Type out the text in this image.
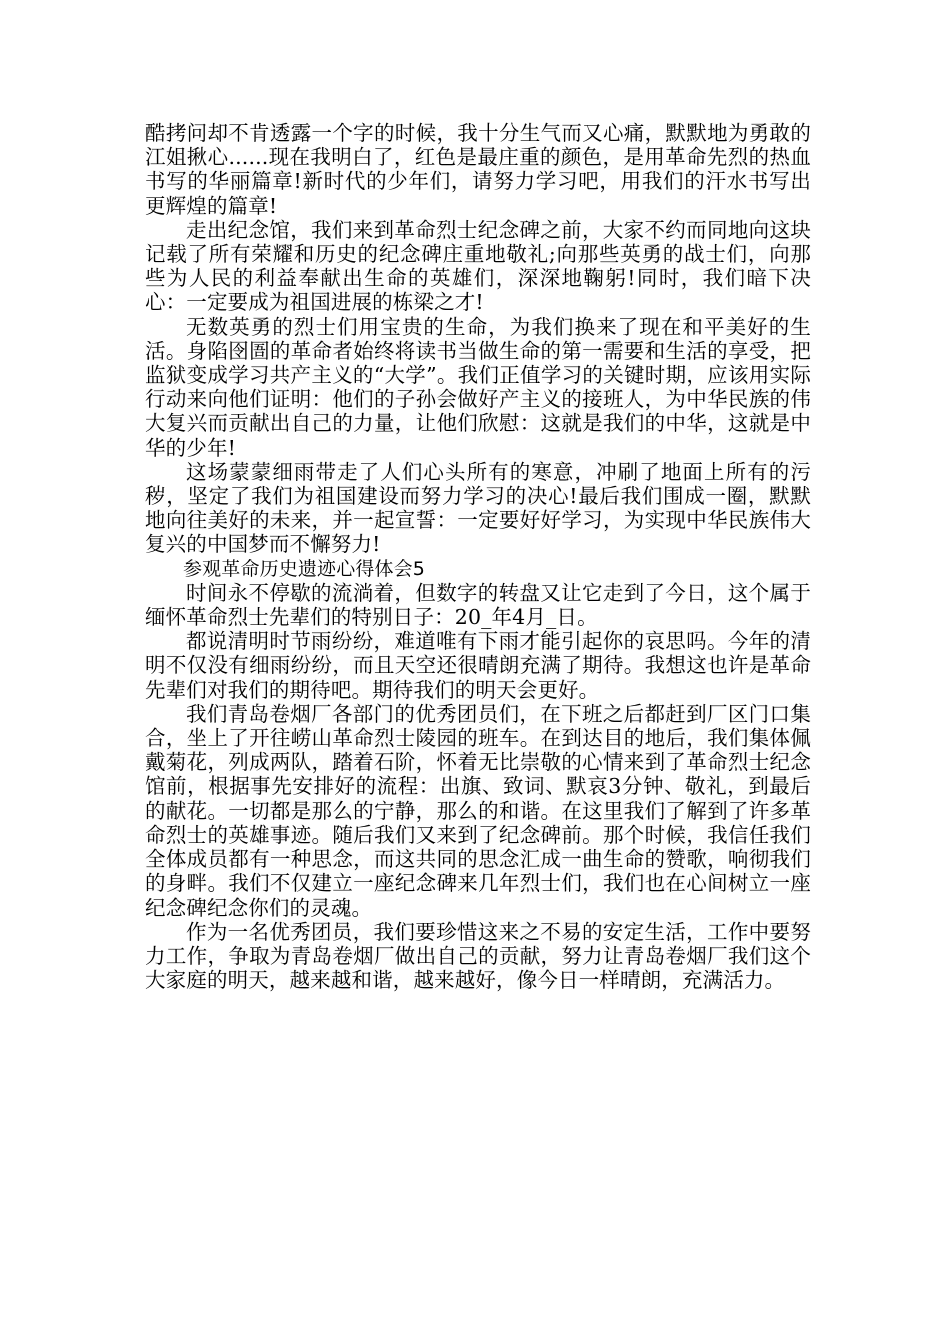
酷拷问却不肯透露一个字的时候，我十分生气而又心痛，默默地为勇敢的江姐揪心......现在我明白了，红色是最庄重的颜色，是用革命先烈的热血书写的华丽篇章!新时代的少年们，请努力学习吧，用我们的汗水书写出更辉煌的篇章!

走出纪念馆，我们来到革命烈士纪念碑之前，大家不约而同地向这块记载了所有荣耀和历史的纪念碑庄重地敬礼;向那些英勇的战士们，向那些为人民的利益奉献出生命的英雄们，深深地鞠躬!同时，我们暗下决心：一定要成为祖国进展的栋梁之才!

无数英勇的烈士们用宝贵的生命，为我们换来了现在和平美好的生活。身陷囹圄的革命者始终将读书当做生命的第一需要和生活的享受，把监狱变成学习共产主义的“大学”。我们正值学习的关键时期，应该用实际行动来向他们证明：他们的子孙会做好产主义的接班人，为中华民族的伟大复兴而贡献出自己的力量，让他们欣慰：这就是我们的中华，这就是中华的少年!

这场蒙蒙细雨带走了人们心头所有的寒意，冲刷了地面上所有的污秽，坚定了我们为祖国建设而努力学习的决心!最后我们围成一圈，默默地向往美好的未来，并一起宣誓：一定要好好学习，为实现中华民族伟大复兴的中国梦而不懈努力!

参观革命历史遗迹心得体会5

时间永不停歇的流淌着，但数字的转盘又让它走到了今日，这个属于缅怀革命烈士先辈们的特别日子：20_年4月_日。

都说清明时节雨纷纷，难道唯有下雨才能引起你的哀思吗。今年的清明不仅没有细雨纷纷，而且天空还很晴朗充满了期待。我想这也许是革命先辈们对我们的期待吧。期待我们的明天会更好。

我们青岛卷烟厂各部门的优秀团员们，在下班之后都赶到厂区门口集合，坐上了开往崂山革命烈士陵园的班车。在到达目的地后，我们集体佩戴菊花，列成两队，踏着石阶，怀着无比崇敬的心情来到了革命烈士纪念馆前，根据事先安排好的流程：出旗、致词、默哀3分钟、敬礼，到最后的献花。一切都是那么的宁静，那么的和谐。在这里我们了解到了许多革命烈士的英雄事迹。随后我们又来到了纪念碑前。那个时候，我信任我们全体成员都有一种思念，而这共同的思念汇成一曲生命的赞歌，响彻我们的身畔。我们不仅建立一座纪念碑来几年烈士们，我们也在心间树立一座纪念碑纪念你们的灵魂。

作为一名优秀团员，我们要珍惜这来之不易的安定生活，工作中要努力工作，争取为青岛卷烟厂做出自己的贡献，努力让青岛卷烟厂我们这个大家庭的明天，越来越和谐，越来越好，像今日一样晴朗，充满活力。
